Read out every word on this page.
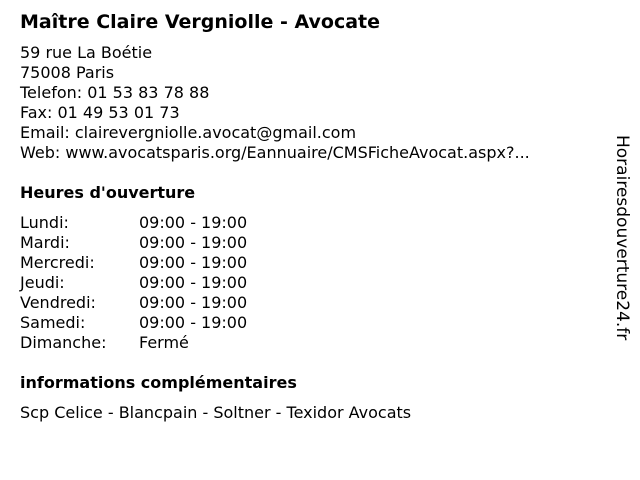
Maître Claire Vergniolle - Avocate
59 rue La Boétie
75008 Paris
Telefon: 01 53 83 78 88
Fax: 01 49 53 01 73
Email: clairevergniolle.avocat@gmail.com
Web: www.avocatsparis.org/Eannuaire/CMSFicheAvocat.aspx?...
Heures d'ouverture
Lundi:	09:00 - 19:00
Mardi:	09:00 - 19:00
Mercredi:	09:00 - 19:00
Jeudi:	09:00 - 19:00
Vendredi:	09:00 - 19:00
Samedi:	09:00 - 19:00
Dimanche: Fermé
informations complémentaires
Scp Celice - Blancpain - Soltner - Texidor Avocats
Horairesdouverture24.fr
